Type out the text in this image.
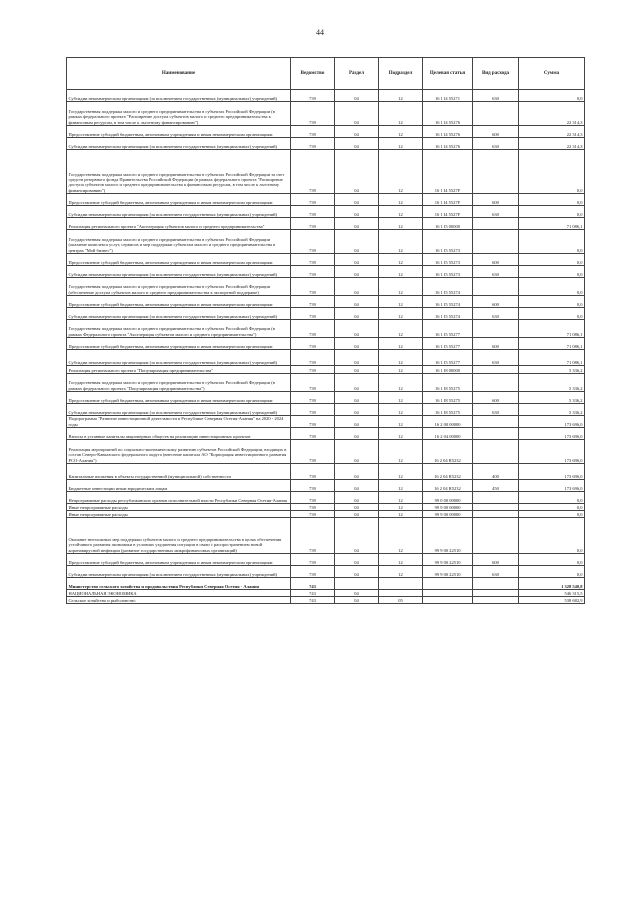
44
Наименование	Ведомство	Раздел	Подраздел	Целевая статья	Вид расхода	Сумма
Субсидии некоммерческим организациям (за исключением государственных (муниципальных) учреждений)	739	04	12	16 1 I4 55271	630	0,0
Государственная поддержка малого и среднего предпринимательства в субъектах Российской Федерации (в рамках федерального проекта "Расширение доступа субъектов малого и среднего предпринимательства к финансовым ресурсам, в том числе к льготному финансированию")	739	04	12	16 1 I4 55276		22 314,3
Предоставление субсидий бюджетным, автономным учреждениям и иным некоммерческим организациям	739	04	12	16 1 I4 55276	600	22 314,3
Субсидии некоммерческим организациям (за исключением государственных (муниципальных) учреждений)	739	04	12	16 1 I4 55276	630	22 314,3
Государственная поддержка малого и среднего предпринимательства в субъектах Российской Федерации за счет средств резервного фонда Правительства Российской Федерации (в рамках федерального проекта "Расширение доступа субъектов малого и среднего предпринимательства к финансовым ресурсам, в том числе к льготному финансированию")	739	04	12	16 1 I4 5527F		0,0
Предоставление субсидий бюджетным, автономным учреждениям и иным некоммерческим организациям	739	04	12	16 1 I4 5527F	600	0,0
Субсидии некоммерческим организациям (за исключением государственных (муниципальных) учреждений)	739	04	12	16 1 I4 5527F	630	0,0
Реализация регионального проекта "Акселерация субъектов малого и среднего предпринимательства"	739	04	12	16 1 I5 00000		71 086,1
Государственная поддержка малого и среднего предпринимательства в субъектах Российской Федерации (оказание комплекса услуг, сервисов и мер поддержки субъектам малого и среднего предпринимательства в центрах "Мой бизнес")	739	04	12	16 1 I5 55273		0,0
Предоставление субсидий бюджетным, автономным учреждениям и иным некоммерческим организациям	739	04	12	16 1 I5 55273	600	0,0
Субсидии некоммерческим организациям (за исключением государственных (муниципальных) учреждений)	739	04	12	16 1 I5 55273	630	0,0
Государственная поддержка малого и среднего предпринимательства в субъектах Российской Федерации (обеспечение доступа субъектов малого и среднего предпринимательства к экспортной поддержке)	739	04	12	16 1 I5 55274		0,0
Предоставление субсидий бюджетным, автономным учреждениям и иным некоммерческим организациям	739	04	12	16 1 I5 55274	600	0,0
Субсидии некоммерческим организациям (за исключением государственных (муниципальных) учреждений)	739	04	12	16 1 I5 55274	630	0,0
Государственная поддержка малого и среднего предпринимательства в субъектах Российской Федерации (в рамках Федерального проекта "Акселерация субъектов малого и среднего предпринимательства")	739	04	12	16 1 I5 55277		71 086,1
Предоставление субсидий бюджетным, автономным учреждениям и иным некоммерческим организациям	739	04	12	16 1 I5 55277	600	71 086,1
Субсидии некоммерческим организациям (за исключением государственных (муниципальных) учреждений)	739	04	12	16 1 I5 55277	630	71 086,1
Реализация регионального проекта "Популяризация предпринимательства"	739	04	12	16 1 I8 00000		5 336,2
Государственная поддержка малого и среднего предпринимательства в субъектах Российской Федерации (в рамках федерального проекта "Популяризация предпринимательства")	739	04	12	16 1 I8 55275		5 336,2
Предоставление субсидий бюджетным, автономным учреждениям и иным некоммерческим организациям	739	04	12	16 1 I8 55275	600	5 336,2
Субсидии некоммерческим организациям (за исключением государственных (муниципальных) учреждений)	739	04	12	16 1 I8 55275	630	5 336,2
Подпрограмма "Развитие инвестиционной деятельности в Республике Северная Осетия-Алания" на 2020 - 2024 годы	739	04	12	16 2 00 00000		173 696,0
Взносы в уставные капиталы акционерных обществ на реализацию инвестиционных проектов	739	04	12	16 2 04 00000		173 696,0
Реализация мероприятий по социально-экономическому развитию субъектов Российской Федерации, входящих в состав Северо-Кавказского федерального округа (внесение капитала АО "Корпорация инвестиционного развития РСО-Алания")	739	04	12	16 2 04 R5232		173 696,0
Капитальные вложения в объекты государственной (муниципальной) собственности	739	04	12	16 2 04 R5232	400	173 696,0
Бюджетные инвестиции иным юридическим лицам	739	04	12	16 2 04 R5232	450	173 696,0
Непрограммные расходы республиканских органов исполнительной власти Республики Северная Осетия-Алания	739	04	12	99 0 00 00000		0,0
Иные непрограммные расходы	739	04	12	99 9 00 00000		0,0
Иные непрограммные расходы	739	04	12	99 9 00 00000		0,0
Оказание неотложных мер поддержки субъектов малого и среднего предпринимательства в целях обеспечения устойчивого развития экономики в условиях ухудшения ситуации в связи с распространением новой коронавирусной инфекции (развитие государственных микрофинансовых организаций)	739	04	12	99 9 00 22510		0,0
Предоставление субсидий бюджетным, автономным учреждениям и иным некоммерческим организациям	739	04	12	99 9 00 22510	600	0,0
Субсидии некоммерческим организациям (за исключением государственных (муниципальных) учреждений)	739	04	12	99 9 00 22510	630	0,0
Министерство сельского хозяйства и продовольствия Республики Северная Осетия - Алания	743					1 328 540,8
НАЦИОНАЛЬНАЯ ЭКОНОМИКА	743	04				546 315,5
Сельское хозяйство и рыболовство	743	04	05			538 682,9
